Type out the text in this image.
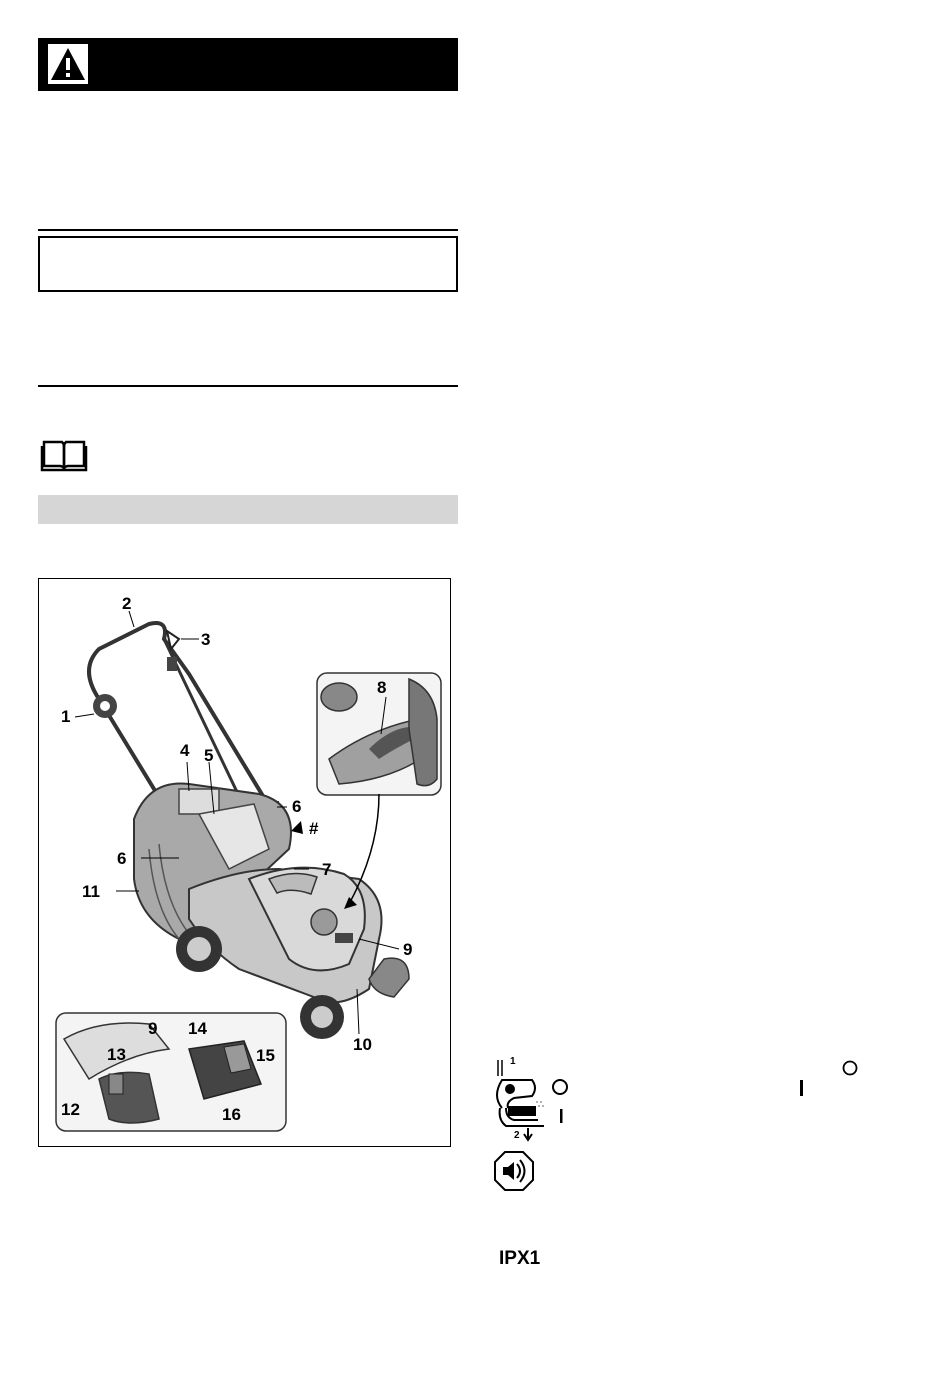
1
2
3
4 5
6
6
#
7
8
9
9
10
11
12
13
14
15
16
1
2
IPX1
